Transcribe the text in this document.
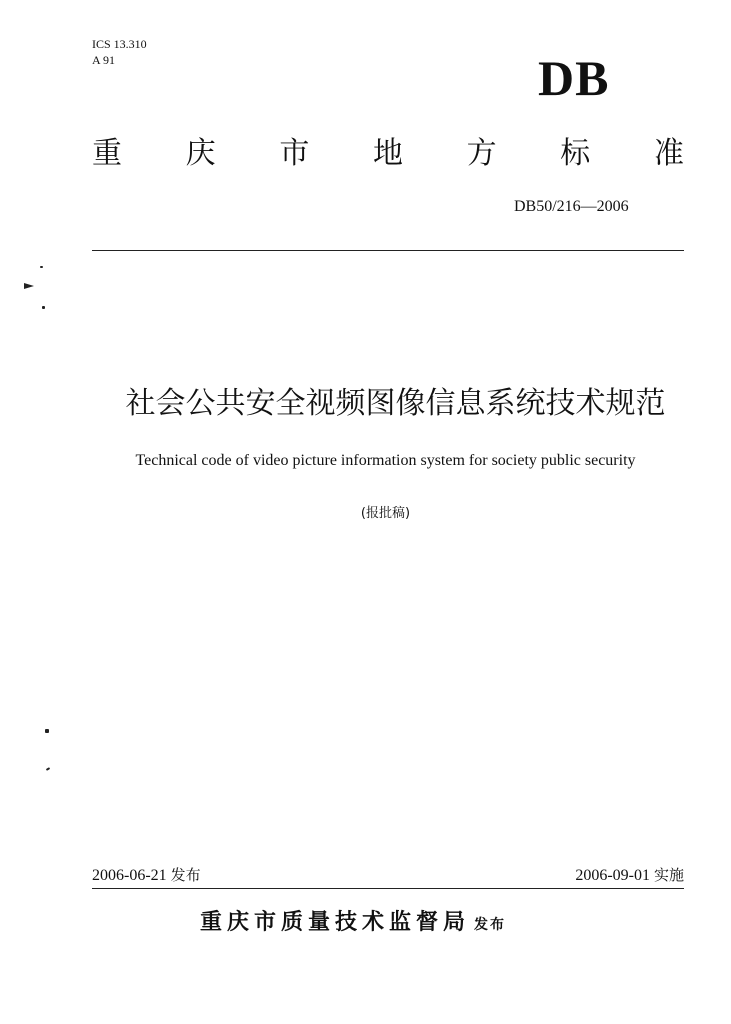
ICS 13.310
A 91	DB
重 庆 市 地 方 标 准
DB50/216—2006
社会公共安全视频图像信息系统技术规范
Technical code of video picture information system for society public security
(报批稿)
2006-06-21 发布	2006-09-01 实施
重庆市质量技术监督局 发布
